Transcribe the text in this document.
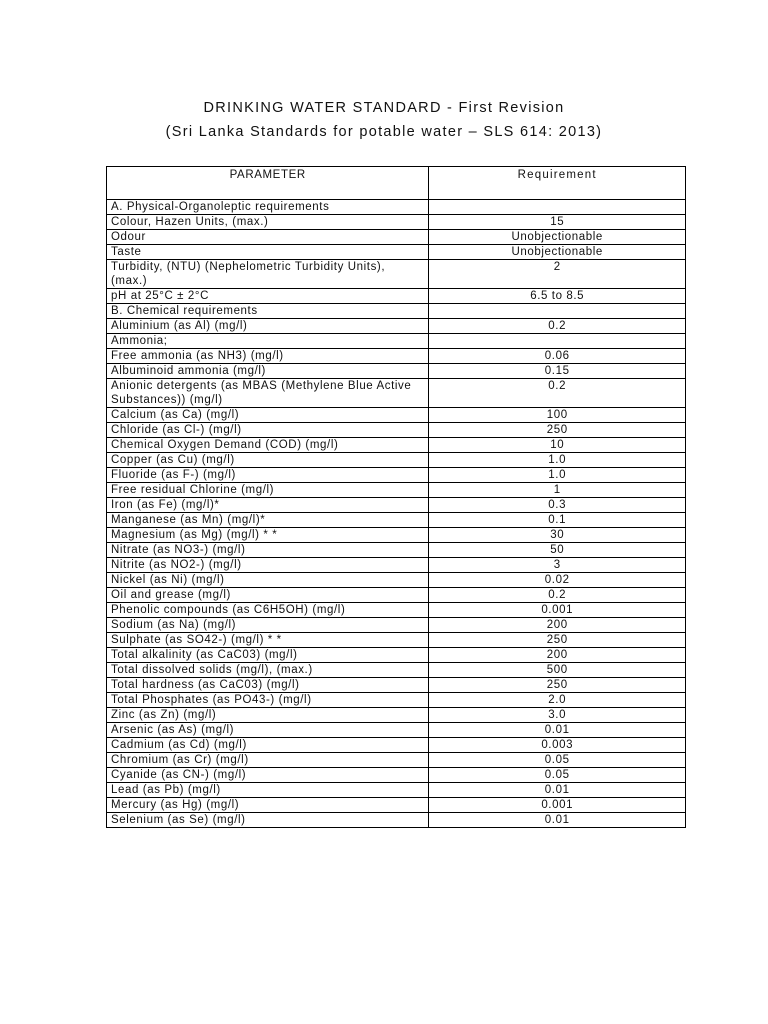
DRINKING WATER STANDARD - First Revision
(Sri Lanka Standards for potable water – SLS 614: 2013)
PARAMETER	Requirement
A. Physical-Organoleptic requirements	
Colour, Hazen Units, (max.)	15
Odour	Unobjectionable
Taste	Unobjectionable
Turbidity, (NTU) (Nephelometric Turbidity Units), (max.)	2
pH at 25°C ± 2°C	6.5 to 8.5
B. Chemical requirements	
Aluminium (as Al) (mg/l)	0.2
Ammonia;	
Free ammonia (as NH3) (mg/l)	0.06
Albuminoid ammonia (mg/l)	0.15
Anionic detergents (as MBAS (Methylene Blue Active Substances)) (mg/l)	0.2
Calcium (as Ca) (mg/l)	100
Chloride (as Cl-) (mg/l)	250
Chemical Oxygen Demand (COD) (mg/l)	10
Copper (as Cu) (mg/l)	1.0
Fluoride (as F-) (mg/l)	1.0
Free residual Chlorine (mg/l)	1
Iron (as Fe) (mg/l)*	0.3
Manganese (as Mn) (mg/l)*	0.1
Magnesium (as Mg) (mg/l) * *	30
Nitrate (as NO3-) (mg/l)	50
Nitrite (as NO2-) (mg/l)	3
Nickel (as Ni) (mg/l)	0.02
Oil and grease (mg/l)	0.2
Phenolic compounds (as C6H5OH) (mg/l)	0.001
Sodium (as Na) (mg/l)	200
Sulphate (as SO42-) (mg/l) * *	250
Total alkalinity (as CaC03) (mg/l)	200
Total dissolved solids (mg/l), (max.)	500
Total hardness (as CaC03) (mg/l)	250
Total Phosphates (as PO43-) (mg/l)	2.0
Zinc (as Zn) (mg/l)	3.0
Arsenic (as As) (mg/l)	0.01
Cadmium (as Cd) (mg/l)	0.003
Chromium (as Cr) (mg/l)	0.05
Cyanide (as CN-) (mg/l)	0.05
Lead (as Pb) (mg/l)	0.01
Mercury (as Hg) (mg/l)	0.001
Selenium (as Se) (mg/l)	0.01
